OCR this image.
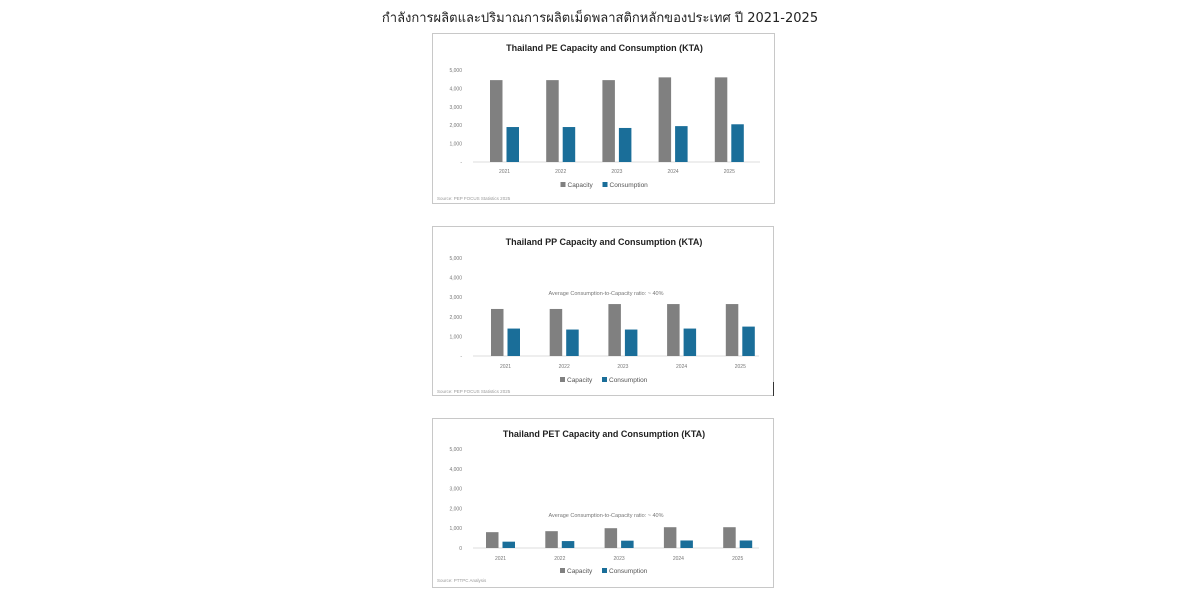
กำลังการผลิตและปริมาณการผลิตเม็ดพลาสติกหลักของประเทศ ปี 2021-2025
Thailand PE Capacity and Consumption (KTA)
5,000
4,000
3,000
2,000
1,000
-
2021	2022	2023	2024	2025
Capacity	Consumption
Source: PEP FOCUS Statistics 2025
Thailand PP Capacity and Consumption (KTA)
5,000
4,000
3,000
2,000
1,000
-
2021	2022	2023	2024	2025
Average Consumption-to-Capacity ratio: ~ 40%
Capacity	Consumption
Source: PEP FOCUS Statistics 2025
Thailand PET Capacity and Consumption (KTA)
5,000
4,000
3,000
2,000
1,000
0
2021	2022	2023	2024	2025
Average Consumption-to-Capacity ratio: ~ 40%
Capacity	Consumption
Source: PTTPC Analysis
